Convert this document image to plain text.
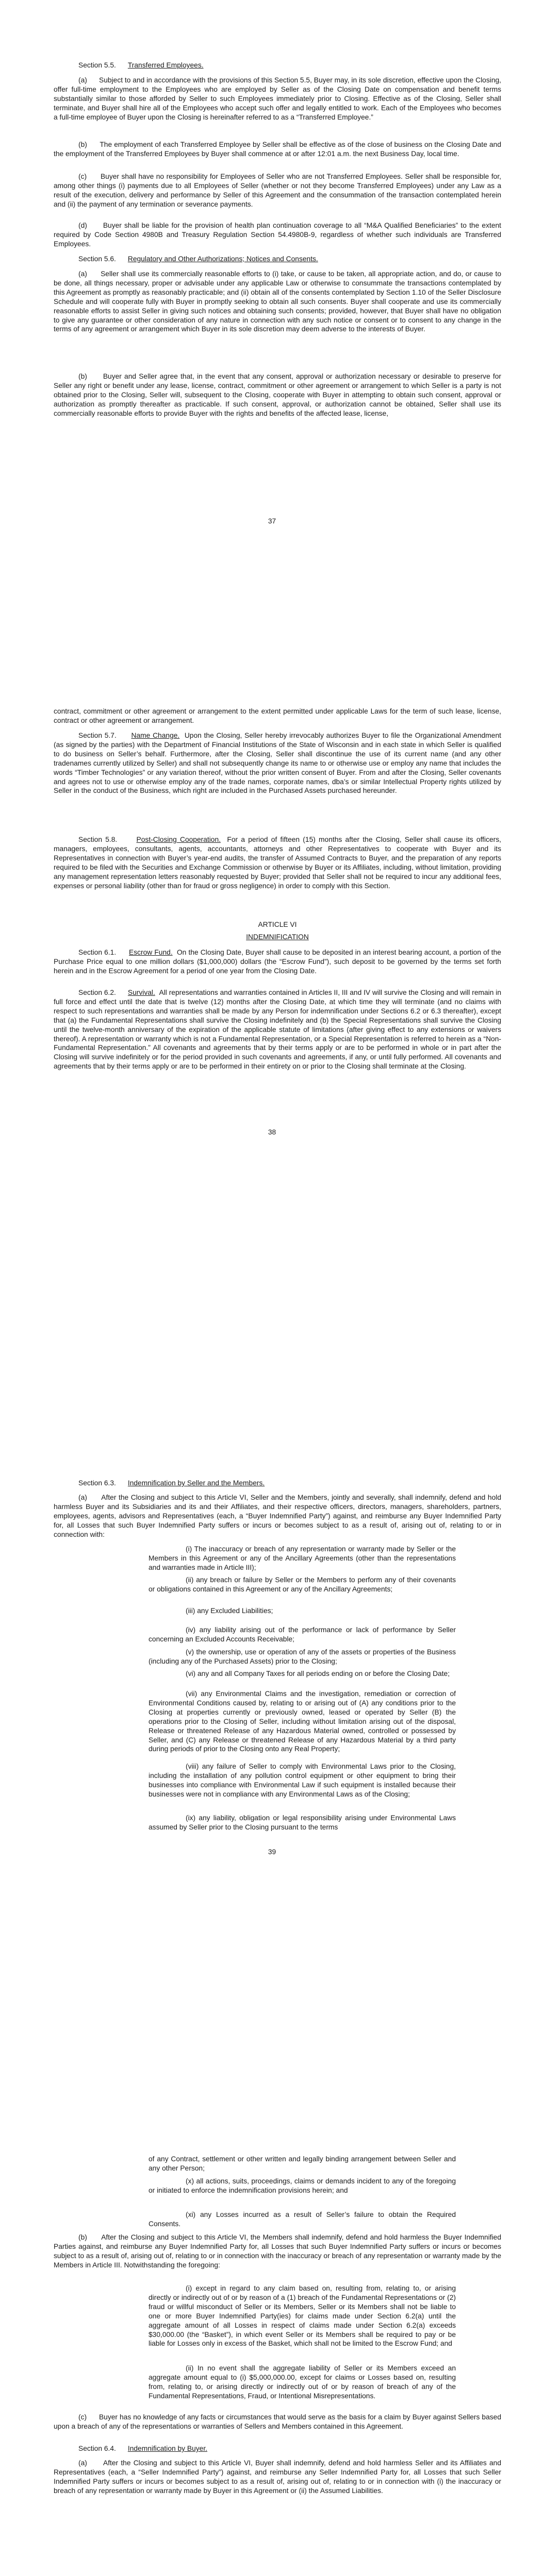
Section 5.5. Transferred Employees.

(a) Subject to and in accordance with the provisions of this Section 5.5, Buyer may, in its sole discretion, effective upon the Closing, offer full-time employment to the Employees who are employed by Seller as of the Closing Date on compensation and benefit terms substantially similar to those afforded by Seller to such Employees immediately prior to Closing. Effective as of the Closing, Seller shall terminate, and Buyer shall hire all of the Employees who accept such offer and legally entitled to work. Each of the Employees who becomes a full-time employee of Buyer upon the Closing is hereinafter referred to as a “Transferred Employee.”

(b) The employment of each Transferred Employee by Seller shall be effective as of the close of business on the Closing Date and the employment of the Transferred Employees by Buyer shall commence at or after 12:01 a.m. the next Business Day, local time.

(c) Buyer shall have no responsibility for Employees of Seller who are not Transferred Employees. Seller shall be responsible for, among other things (i) payments due to all Employees of Seller (whether or not they become Transferred Employees) under any Law as a result of the execution, delivery and performance by Seller of this Agreement and the consummation of the transaction contemplated herein and (ii) the payment of any termination or severance payments.

(d) Buyer shall be liable for the provision of health plan continuation coverage to all “M&A Qualified Beneficiaries” to the extent required by Code Section 4980B and Treasury Regulation Section 54.4980B-9, regardless of whether such individuals are Transferred Employees.

Section 5.6. Regulatory and Other Authorizations; Notices and Consents.

(a) Seller shall use its commercially reasonable efforts to (i) take, or cause to be taken, all appropriate action, and do, or cause to be done, all things necessary, proper or advisable under any applicable Law or otherwise to consummate the transactions contemplated by this Agreement as promptly as reasonably practicable; and (ii) obtain all of the consents contemplated by Section 1.10 of the Seller Disclosure Schedule and will cooperate fully with Buyer in promptly seeking to obtain all such consents. Buyer shall cooperate and use its commercially reasonable efforts to assist Seller in giving such notices and obtaining such consents; provided, however, that Buyer shall have no obligation to give any guarantee or other consideration of any nature in connection with any such notice or consent or to consent to any change in the terms of any agreement or arrangement which Buyer in its sole discretion may deem adverse to the interests of Buyer.

(b) Buyer and Seller agree that, in the event that any consent, approval or authorization necessary or desirable to preserve for Seller any right or benefit under any lease, license, contract, commitment or other agreement or arrangement to which Seller is a party is not obtained prior to the Closing, Seller will, subsequent to the Closing, cooperate with Buyer in attempting to obtain such consent, approval or authorization as promptly thereafter as practicable. If such consent, approval, or authorization cannot be obtained, Seller shall use its commercially reasonable efforts to provide Buyer with the rights and benefits of the affected lease, license,

37

contract, commitment or other agreement or arrangement to the extent permitted under applicable Laws for the term of such lease, license, contract or other agreement or arrangement.

Section 5.7. Name Change. Upon the Closing, Seller hereby irrevocably authorizes Buyer to file the Organizational Amendment (as signed by the parties) with the Department of Financial Institutions of the State of Wisconsin and in each state in which Seller is qualified to do business on Seller’s behalf. Furthermore, after the Closing, Seller shall discontinue the use of its current name (and any other tradenames currently utilized by Seller) and shall not subsequently change its name to or otherwise use or employ any name that includes the words “Timber Technologies” or any variation thereof, without the prior written consent of Buyer. From and after the Closing, Seller covenants and agrees not to use or otherwise employ any of the trade names, corporate names, dba’s or similar Intellectual Property rights utilized by Seller in the conduct of the Business, which right are included in the Purchased Assets purchased hereunder.

Section 5.8.	Post-Closing Cooperation. For a period of fifteen (15) months after the Closing, Seller shall cause its officers, managers, employees, consultants, agents, accountants, attorneys and other Representatives to cooperate with Buyer and its Representatives in connection with Buyer’s year-end audits, the transfer of Assumed Contracts to Buyer, and the preparation of any reports required to be filed with the Securities and Exchange Commission or otherwise by Buyer or its Affiliates, including, without limitation, providing any management representation letters reasonably requested by Buyer; provided that Seller shall not be required to incur any additional fees, expenses or personal liability (other than for fraud or gross negligence) in order to comply with this Section.

ARTICLE VI

INDEMNIFICATION

Section 6.1. Escrow Fund. On the Closing Date, Buyer shall cause to be deposited in an interest bearing account, a portion of the Purchase Price equal to one million dollars ($1,000,000) dollars (the “Escrow Fund”), such deposit to be governed by the terms set forth herein and in the Escrow Agreement for a period of one year from the Closing Date.

Section 6.2. Survival. All representations and warranties contained in Articles II, III and IV will survive the Closing and will remain in full force and effect until the date that is twelve (12) months after the Closing Date, at which time they will terminate (and no claims with respect to such representations and warranties shall be made by any Person for indemnification under Sections 6.2 or 6.3 thereafter), except that (a) the Fundamental Representations shall survive the Closing indefinitely and (b) the Special Representations shall survive the Closing until the twelve-month anniversary of the expiration of the applicable statute of limitations (after giving effect to any extensions or waivers thereof). A representation or warranty which is not a Fundamental Representation, or a Special Representation is referred to herein as a “Non-Fundamental Representation.” All covenants and agreements that by their terms apply or are to be performed in whole or in part after the Closing will survive indefinitely or for the period provided in such covenants and agreements, if any, or until fully performed. All covenants and agreements that by their terms apply or are to be performed in their entirety on or prior to the Closing shall terminate at the Closing.

38

Section 6.3. Indemnification by Seller and the Members.

(a) After the Closing and subject to this Article VI, Seller and the Members, jointly and severally, shall indemnify, defend and hold harmless Buyer and its Subsidiaries and its and their Affiliates, and their respective officers, directors, managers, shareholders, partners, employees, agents, advisors and Representatives (each, a “Buyer Indemnified Party”) against, and reimburse any Buyer Indemnified Party for, all Losses that such Buyer Indemnified Party suffers or incurs or becomes subject to as a result of, arising out of, relating to or in connection with:

(i) The inaccuracy or breach of any representation or warranty made by Seller or the Members in this Agreement or any of the Ancillary Agreements (other than the representations and warranties made in Article III);

(ii) any breach or failure by Seller or the Members to perform any of their covenants or obligations contained in this Agreement or any of the Ancillary Agreements;

(iii) any Excluded Liabilities;

(iv) any liability arising out of the performance or lack of performance by Seller concerning an Excluded Accounts Receivable;

(v) the ownership, use or operation of any of the assets or properties of the Business (including any of the Purchased Assets) prior to the Closing;

(vi) any and all Company Taxes for all periods ending on or before the Closing Date;

(vii) any Environmental Claims and the investigation, remediation or correction of Environmental Conditions caused by, relating to or arising out of (A) any conditions prior to the Closing at properties currently or previously owned, leased or operated by Seller (B) the operations prior to the Closing of Seller, including without limitation arising out of the disposal, Release or threatened Release of any Hazardous Material owned, controlled or possessed by Seller, and (C) any Release or threatened Release of any Hazardous Material by a third party during periods of prior to the Closing onto any Real Property;

(viii) any failure of Seller to comply with Environmental Laws prior to the Closing, including the installation of any pollution control equipment or other equipment to bring their businesses into compliance with Environmental Law if such equipment is installed because their businesses were not in compliance with any Environmental Laws as of the Closing;

(ix) any liability, obligation or legal responsibility arising under Environmental Laws assumed by Seller prior to the Closing pursuant to the terms

39

of any Contract, settlement or other written and legally binding arrangement between Seller and any other Person;

(x) all actions, suits, proceedings, claims or demands incident to any of the foregoing or initiated to enforce the indemnification provisions herein; and

(xi) any Losses incurred as a result of Seller’s failure to obtain the Required Consents.

(b) After the Closing and subject to this Article VI, the Members shall indemnify, defend and hold harmless the Buyer Indemnified Parties against, and reimburse any Buyer Indemnified Party for, all Losses that such Buyer Indemnified Party suffers or incurs or becomes subject to as a result of, arising out of, relating to or in connection with the inaccuracy or breach of any representation or warranty made by the Members in Article III. Notwithstanding the foregoing:

(i) except in regard to any claim based on, resulting from, relating to, or arising directly or indirectly out of or by reason of a (1) breach of the Fundamental Representations or (2) fraud or willful misconduct of Seller or its Members, Seller or its Members shall not be liable to one or more Buyer Indemnified Party(ies) for claims made under Section 6.2(a) until the aggregate amount of all Losses in respect of claims made under Section 6.2(a) exceeds $30,000.00 (the “Basket”), in which event Seller or its Members shall be required to pay or be liable for Losses only in excess of the Basket, which shall not be limited to the Escrow Fund; and

(ii) In no event shall the aggregate liability of Seller or its Members exceed an aggregate amount equal to (i) $5,000,000.00, except for claims or Losses based on, resulting from, relating to, or arising directly or indirectly out of or by reason of breach of any of the Fundamental Representations, Fraud, or Intentional Misrepresentations.

(c) Buyer has no knowledge of any facts or circumstances that would serve as the basis for a claim by Buyer against Sellers based upon a breach of any of the representations or warranties of Sellers and Members contained in this Agreement.

Section 6.4. Indemnification by Buyer.

(a) After the Closing and subject to this Article VI, Buyer shall indemnify, defend and hold harmless Seller and its Affiliates and Representatives (each, a “Seller Indemnified Party”) against, and reimburse any Seller Indemnified Party for, all Losses that such Seller Indemnified Party suffers or incurs or becomes subject to as a result of, arising out of, relating to or in connection with (i) the inaccuracy or breach of any representation or warranty made by Buyer in this Agreement or (ii) the Assumed Liabilities.
